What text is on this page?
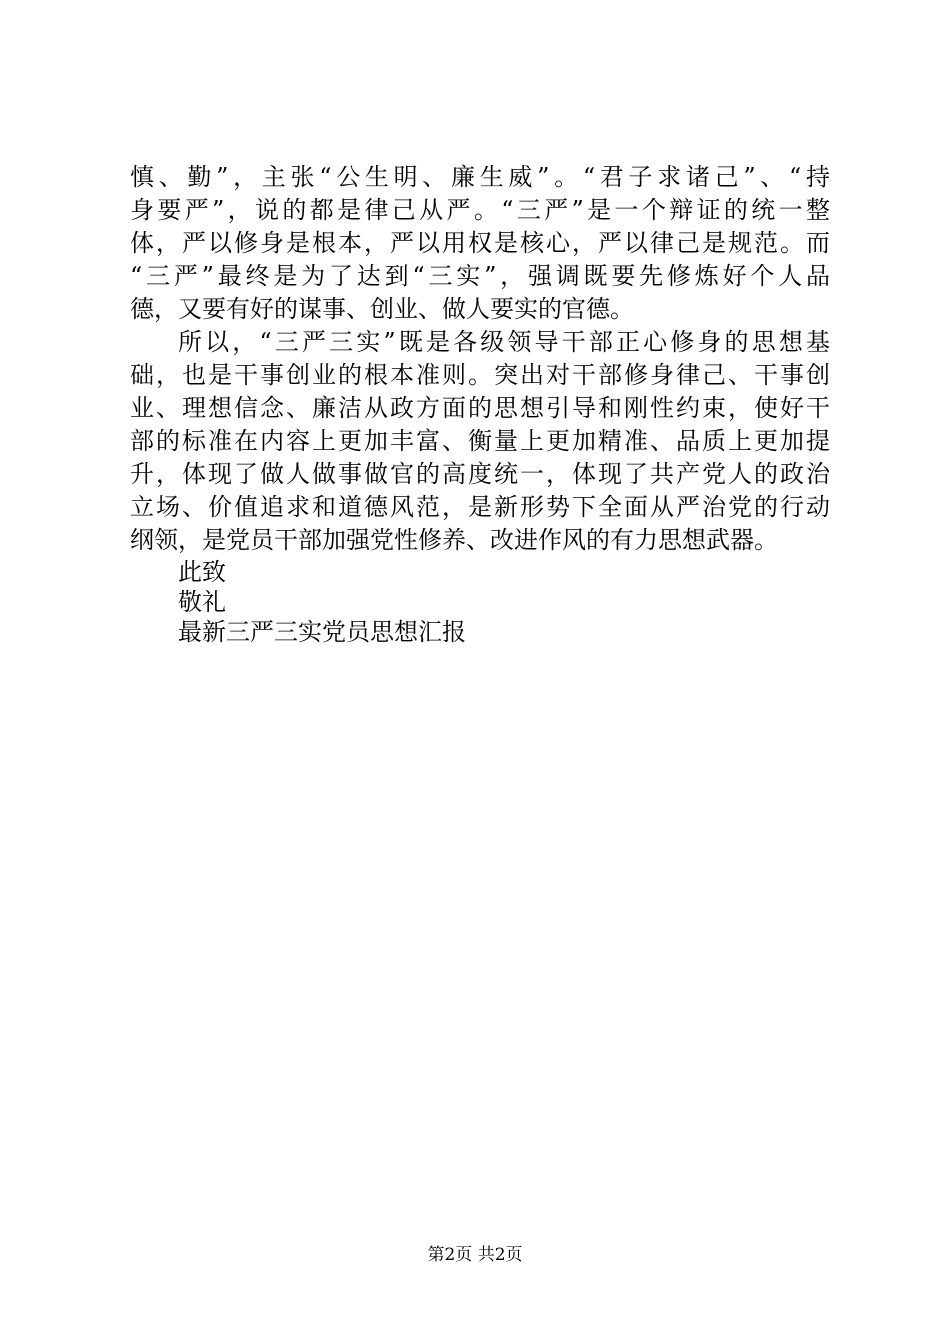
慎、勤”，主张“公生明、廉生威”。“君子求诸己”、“持
身要严”，说的都是律己从严。“三严”是一个辩证的统一整
体，严以修身是根本，严以用权是核心，严以律己是规范。而
“三严”最终是为了达到“三实”，强调既要先修炼好个人品
德，又要有好的谋事、创业、做人要实的官德。
所以，“三严三实”既是各级领导干部正心修身的思想基
础，也是干事创业的根本准则。突出对干部修身律己、干事创
业、理想信念、廉洁从政方面的思想引导和刚性约束，使好干
部的标准在内容上更加丰富、衡量上更加精准、品质上更加提
升，体现了做人做事做官的高度统一，体现了共产党人的政治
立场、价值追求和道德风范，是新形势下全面从严治党的行动
纲领，是党员干部加强党性修养、改进作风的有力思想武器。
此致
敬礼
最新三严三实党员思想汇报
第2页 共2页
